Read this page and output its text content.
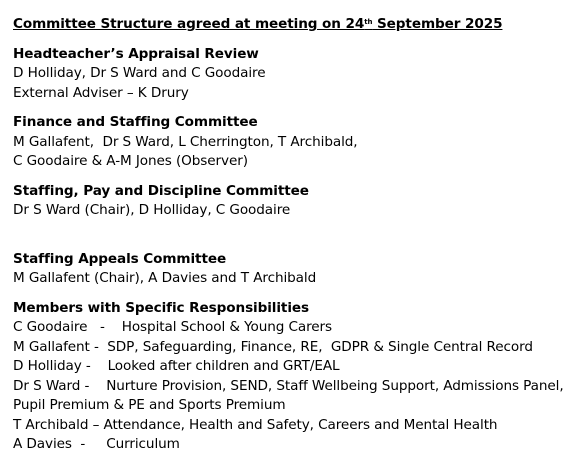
Committee Structure agreed at meeting on 24th September 2025
Headteacher’s Appraisal Review
D Holliday, Dr S Ward and C Goodaire
External Adviser – K Drury
Finance and Staffing Committee
M Gallafent,  Dr S Ward, L Cherrington, T Archibald,
C Goodaire & A-M Jones (Observer)
Staffing, Pay and Discipline Committee
Dr S Ward (Chair), D Holliday, C Goodaire
Staffing Appeals Committee
M Gallafent (Chair), A Davies and T Archibald
Members with Specific Responsibilities
C Goodaire   -    Hospital School & Young Carers
M Gallafent -  SDP, Safeguarding, Finance, RE,  GDPR & Single Central Record
D Holliday -    Looked after children and GRT/EAL
Dr S Ward -    Nurture Provision, SEND, Staff Wellbeing Support, Admissions Panel,
Pupil Premium & PE and Sports Premium
T Archibald – Attendance, Health and Safety, Careers and Mental Health
A Davies  -     Curriculum
